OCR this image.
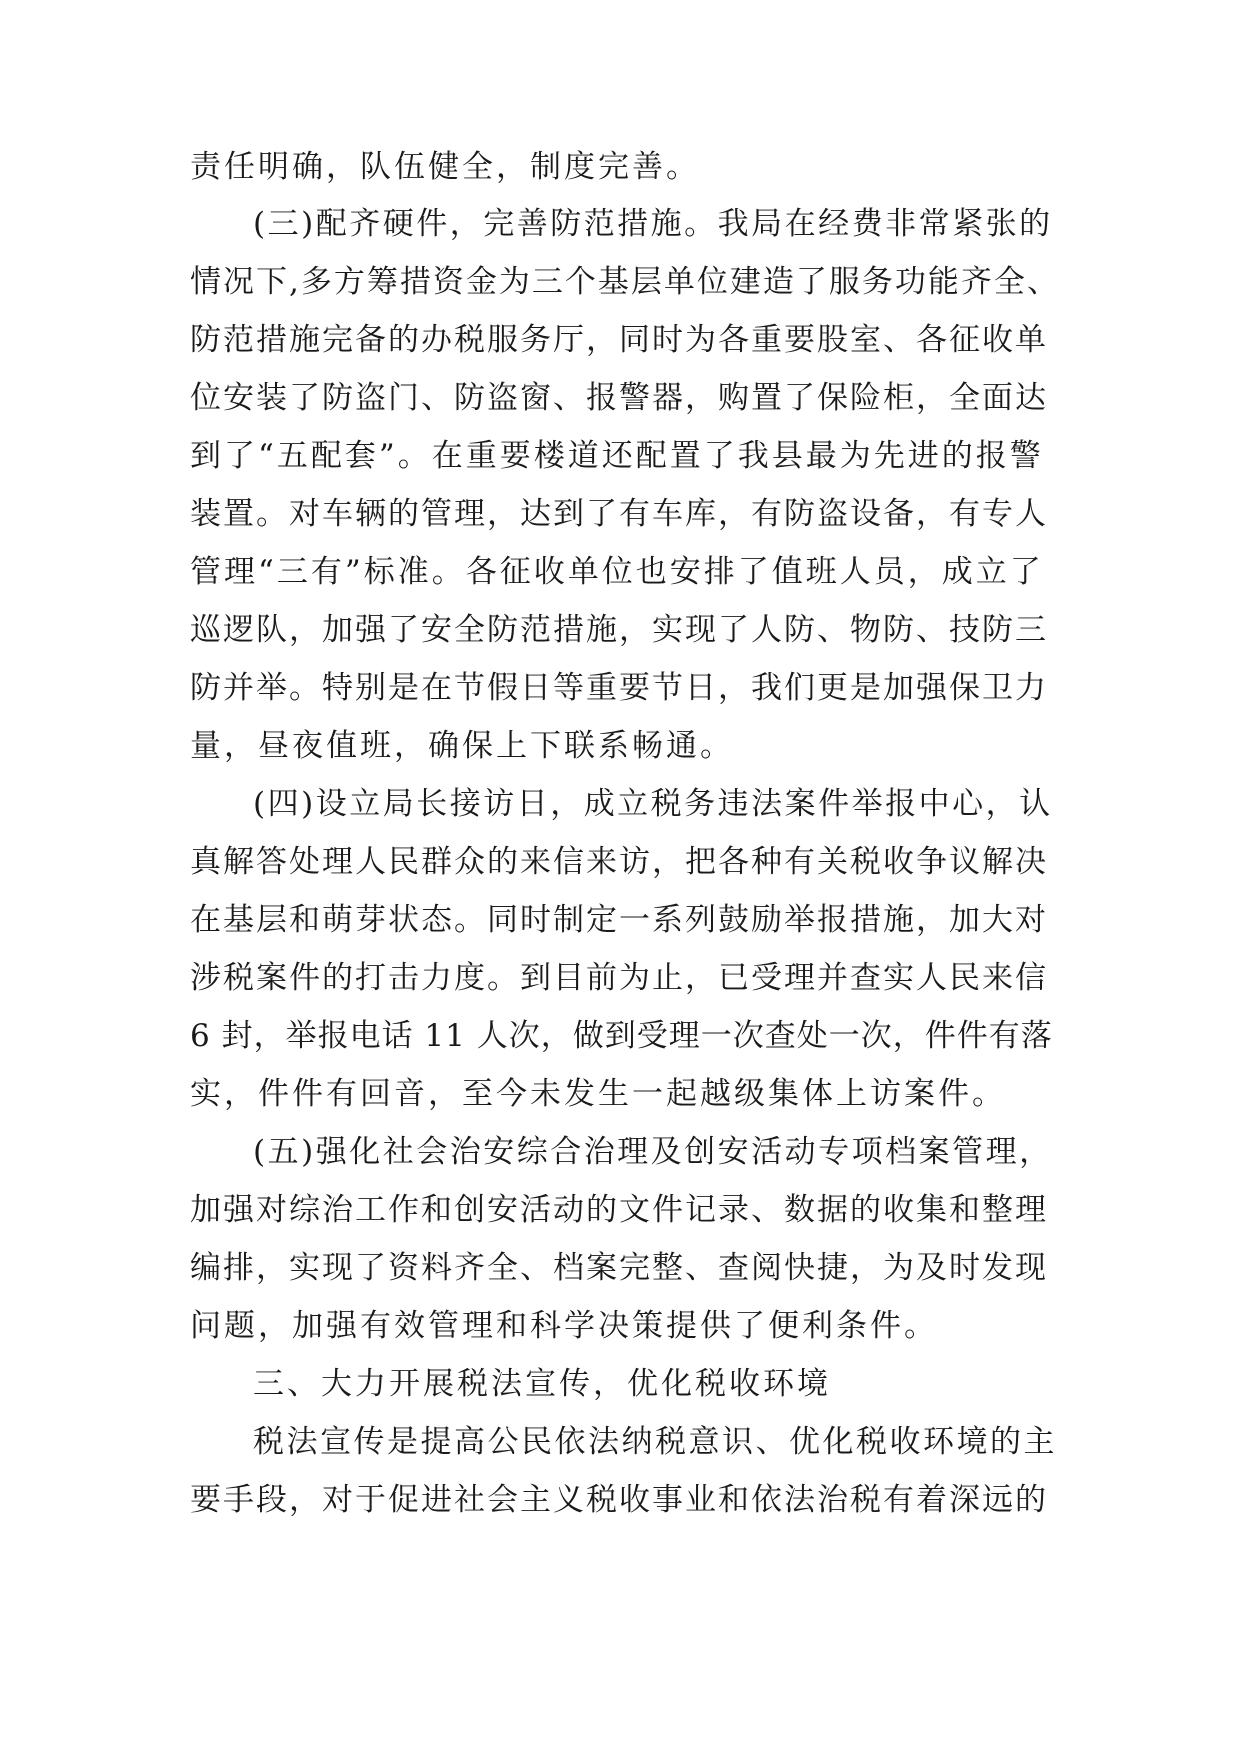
责任明确，队伍健全，制度完善。
(三)配齐硬件，完善防范措施。我局在经费非常紧张的
情况下,多方筹措资金为三个基层单位建造了服务功能齐全、
防范措施完备的办税服务厅，同时为各重要股室、各征收单
位安装了防盗门、防盗窗、报警器，购置了保险柜，全面达
到了“五配套”。在重要楼道还配置了我县最为先进的报警
装置。对车辆的管理，达到了有车库，有防盗设备，有专人
管理“三有”标准。各征收单位也安排了值班人员，成立了
巡逻队，加强了安全防范措施，实现了人防、物防、技防三
防并举。特别是在节假日等重要节日，我们更是加强保卫力
量，昼夜值班，确保上下联系畅通。
(四)设立局长接访日，成立税务违法案件举报中心，认
真解答处理人民群众的来信来访，把各种有关税收争议解决
在基层和萌芽状态。同时制定一系列鼓励举报措施，加大对
涉税案件的打击力度。到目前为止，已受理并查实人民来信
6 封，举报电话 11 人次，做到受理一次查处一次，件件有落
实，件件有回音，至今未发生一起越级集体上访案件。
(五)强化社会治安综合治理及创安活动专项档案管理，
加强对综治工作和创安活动的文件记录、数据的收集和整理
编排，实现了资料齐全、档案完整、查阅快捷，为及时发现
问题，加强有效管理和科学决策提供了便利条件。
三、大力开展税法宣传，优化税收环境
税法宣传是提高公民依法纳税意识、优化税收环境的主
要手段，对于促进社会主义税收事业和依法治税有着深远的
